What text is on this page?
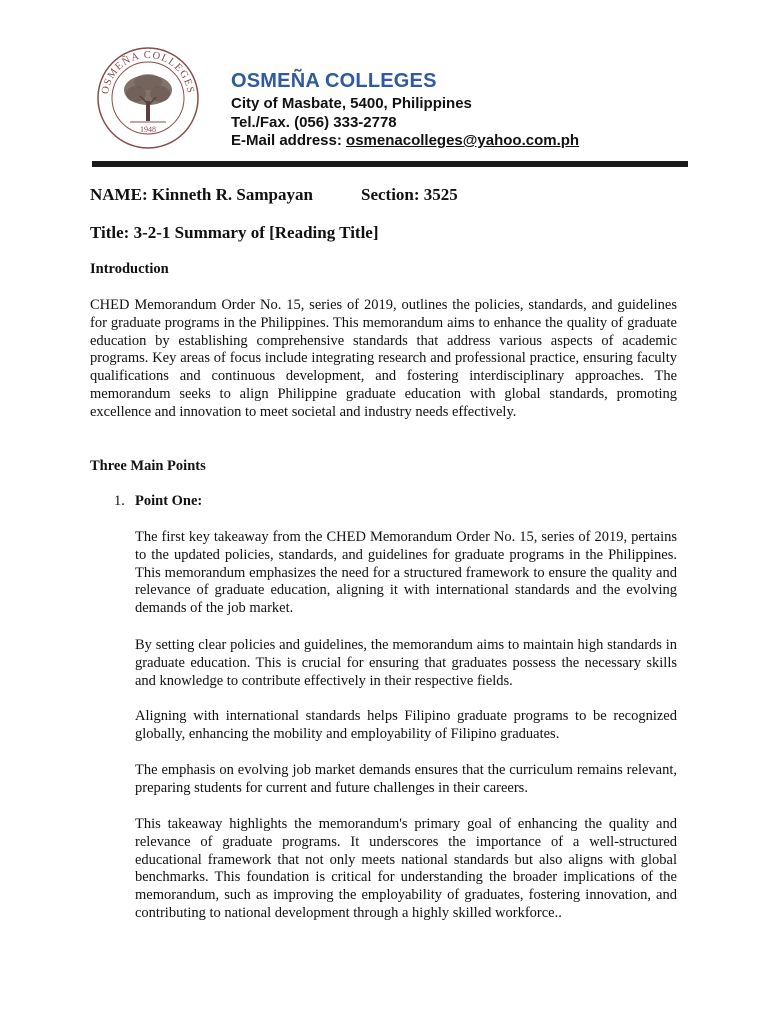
OSMEÑA COLLEGES
1948
OSMEÑA COLLEGES
City of Masbate, 5400, Philippines
Tel./Fax. (056) 333-2778
E-Mail address: osmenacolleges@yahoo.com.ph
NAME: Kinneth R. Sampayan	Section: 3525
Title: 3-2-1 Summary of [Reading Title]
Introduction

CHED Memorandum Order No. 15, series of 2019, outlines the policies, standards, and guidelines for graduate programs in the Philippines. This memorandum aims to enhance the quality of graduate education by establishing comprehensive standards that address various aspects of academic programs. Key areas of focus include integrating research and professional practice, ensuring faculty qualifications and continuous development, and fostering interdisciplinary approaches. The memorandum seeks to align Philippine graduate education with global standards, promoting excellence and innovation to meet societal and industry needs effectively.

Three Main Points
1. Point One:

The first key takeaway from the CHED Memorandum Order No. 15, series of 2019, pertains to the updated policies, standards, and guidelines for graduate programs in the Philippines. This memorandum emphasizes the need for a structured framework to ensure the quality and relevance of graduate education, aligning it with international standards and the evolving demands of the job market.

By setting clear policies and guidelines, the memorandum aims to maintain high standards in graduate education. This is crucial for ensuring that graduates possess the necessary skills and knowledge to contribute effectively in their respective fields.

Aligning with international standards helps Filipino graduate programs to be recognized globally, enhancing the mobility and employability of Filipino graduates.

The emphasis on evolving job market demands ensures that the curriculum remains relevant, preparing students for current and future challenges in their careers.

This takeaway highlights the memorandum's primary goal of enhancing the quality and relevance of graduate programs. It underscores the importance of a well-structured educational framework that not only meets national standards but also aligns with global benchmarks. This foundation is critical for understanding the broader implications of the memorandum, such as improving the employability of graduates, fostering innovation, and contributing to national development through a highly skilled workforce..
